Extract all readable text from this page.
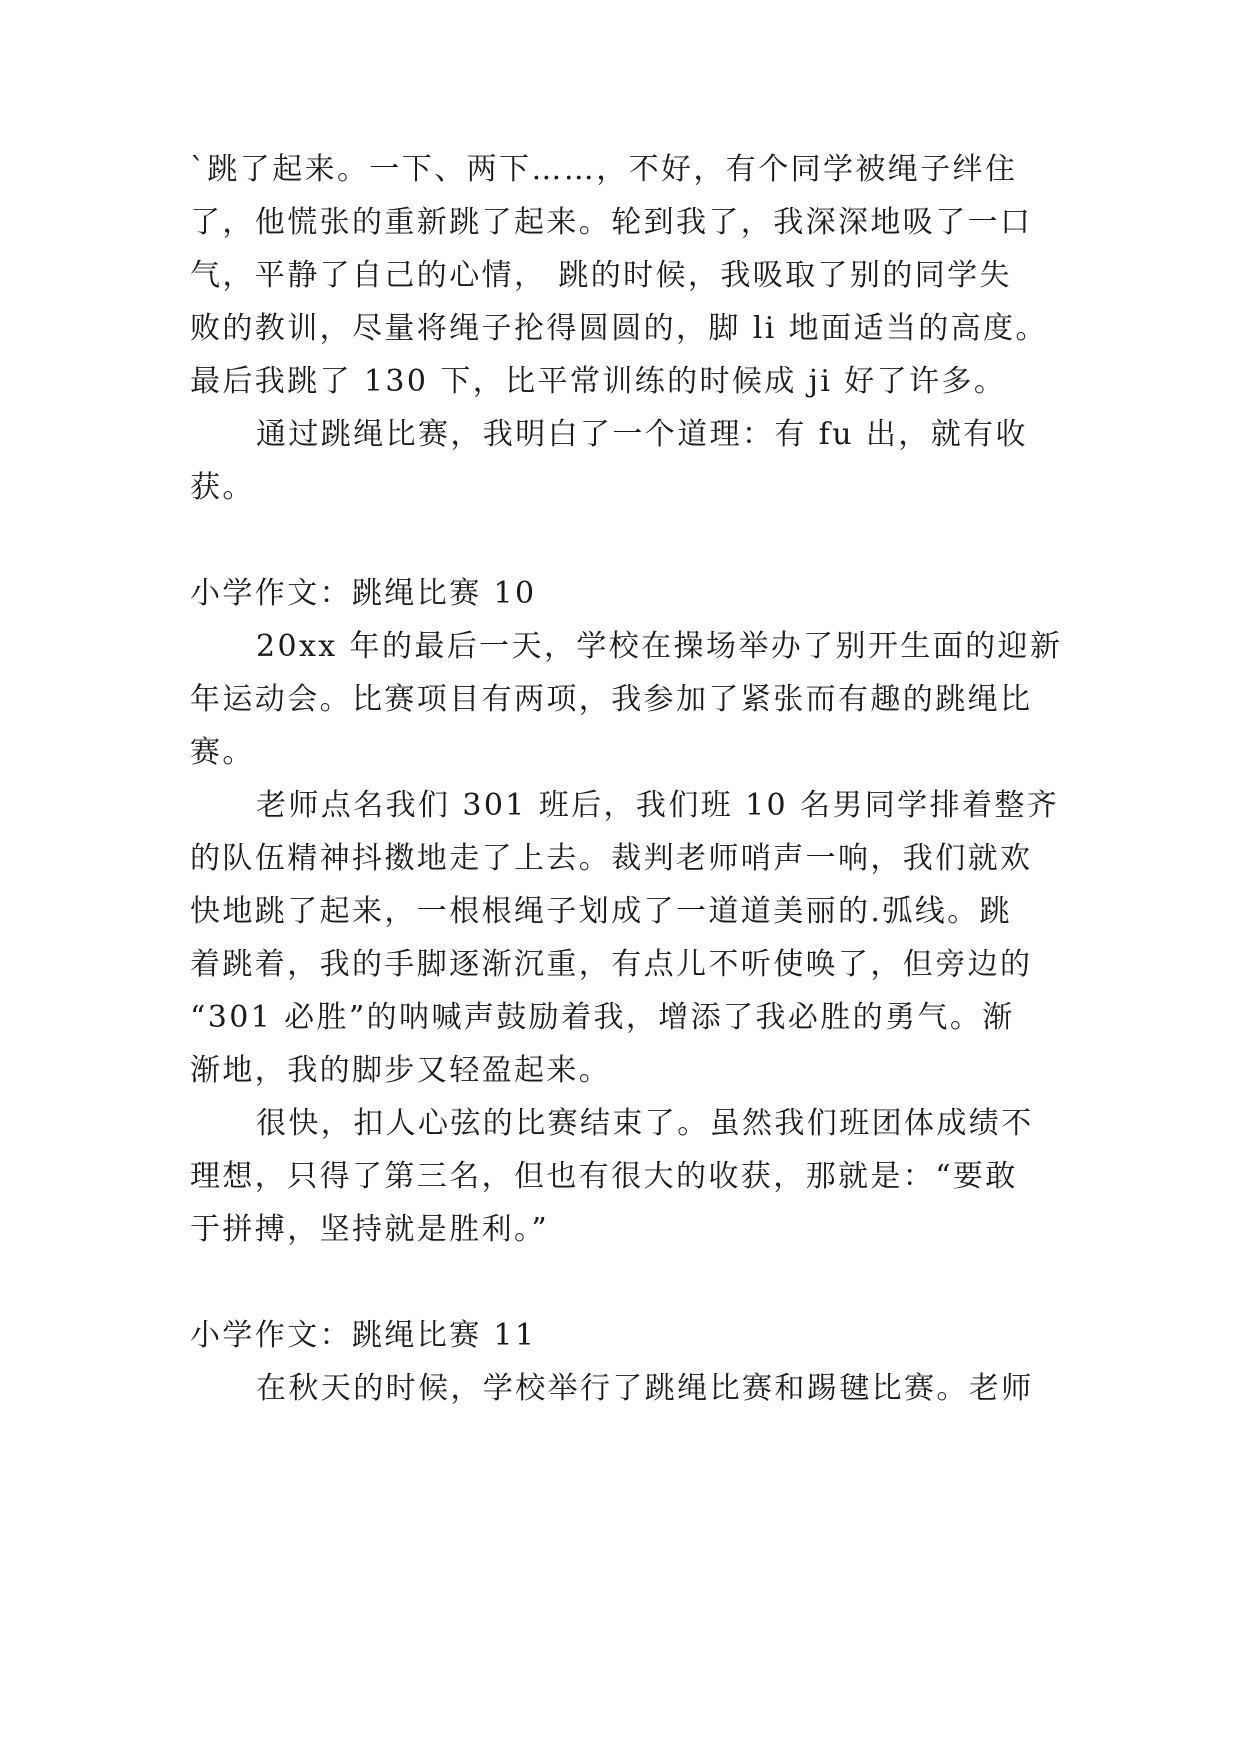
`跳了起来。一下、两下……，不好，有个同学被绳子绊住
了，他慌张的重新跳了起来。轮到我了，我深深地吸了一口
气，平静了自己的心情， 跳的时候，我吸取了别的同学失
败的教训，尽量将绳子抡得圆圆的，脚 li 地面适当的高度。
最后我跳了 130 下，比平常训练的时候成 ji 好了许多。
通过跳绳比赛，我明白了一个道理：有 fu 出，就有收
获。
小学作文：跳绳比赛 10
20xx 年的最后一天，学校在操场举办了别开生面的迎新
年运动会。比赛项目有两项，我参加了紧张而有趣的跳绳比
赛。
老师点名我们 301 班后，我们班 10 名男同学排着整齐
的队伍精神抖擞地走了上去。裁判老师哨声一响，我们就欢
快地跳了起来，一根根绳子划成了一道道美丽的.弧线。跳
着跳着，我的手脚逐渐沉重，有点儿不听使唤了，但旁边的
“301 必胜”的呐喊声鼓励着我，增添了我必胜的勇气。渐
渐地，我的脚步又轻盈起来。
很快，扣人心弦的比赛结束了。虽然我们班团体成绩不
理想，只得了第三名，但也有很大的收获，那就是：“要敢
于拼搏，坚持就是胜利。”
小学作文：跳绳比赛 11
在秋天的时候，学校举行了跳绳比赛和踢毽比赛。老师
